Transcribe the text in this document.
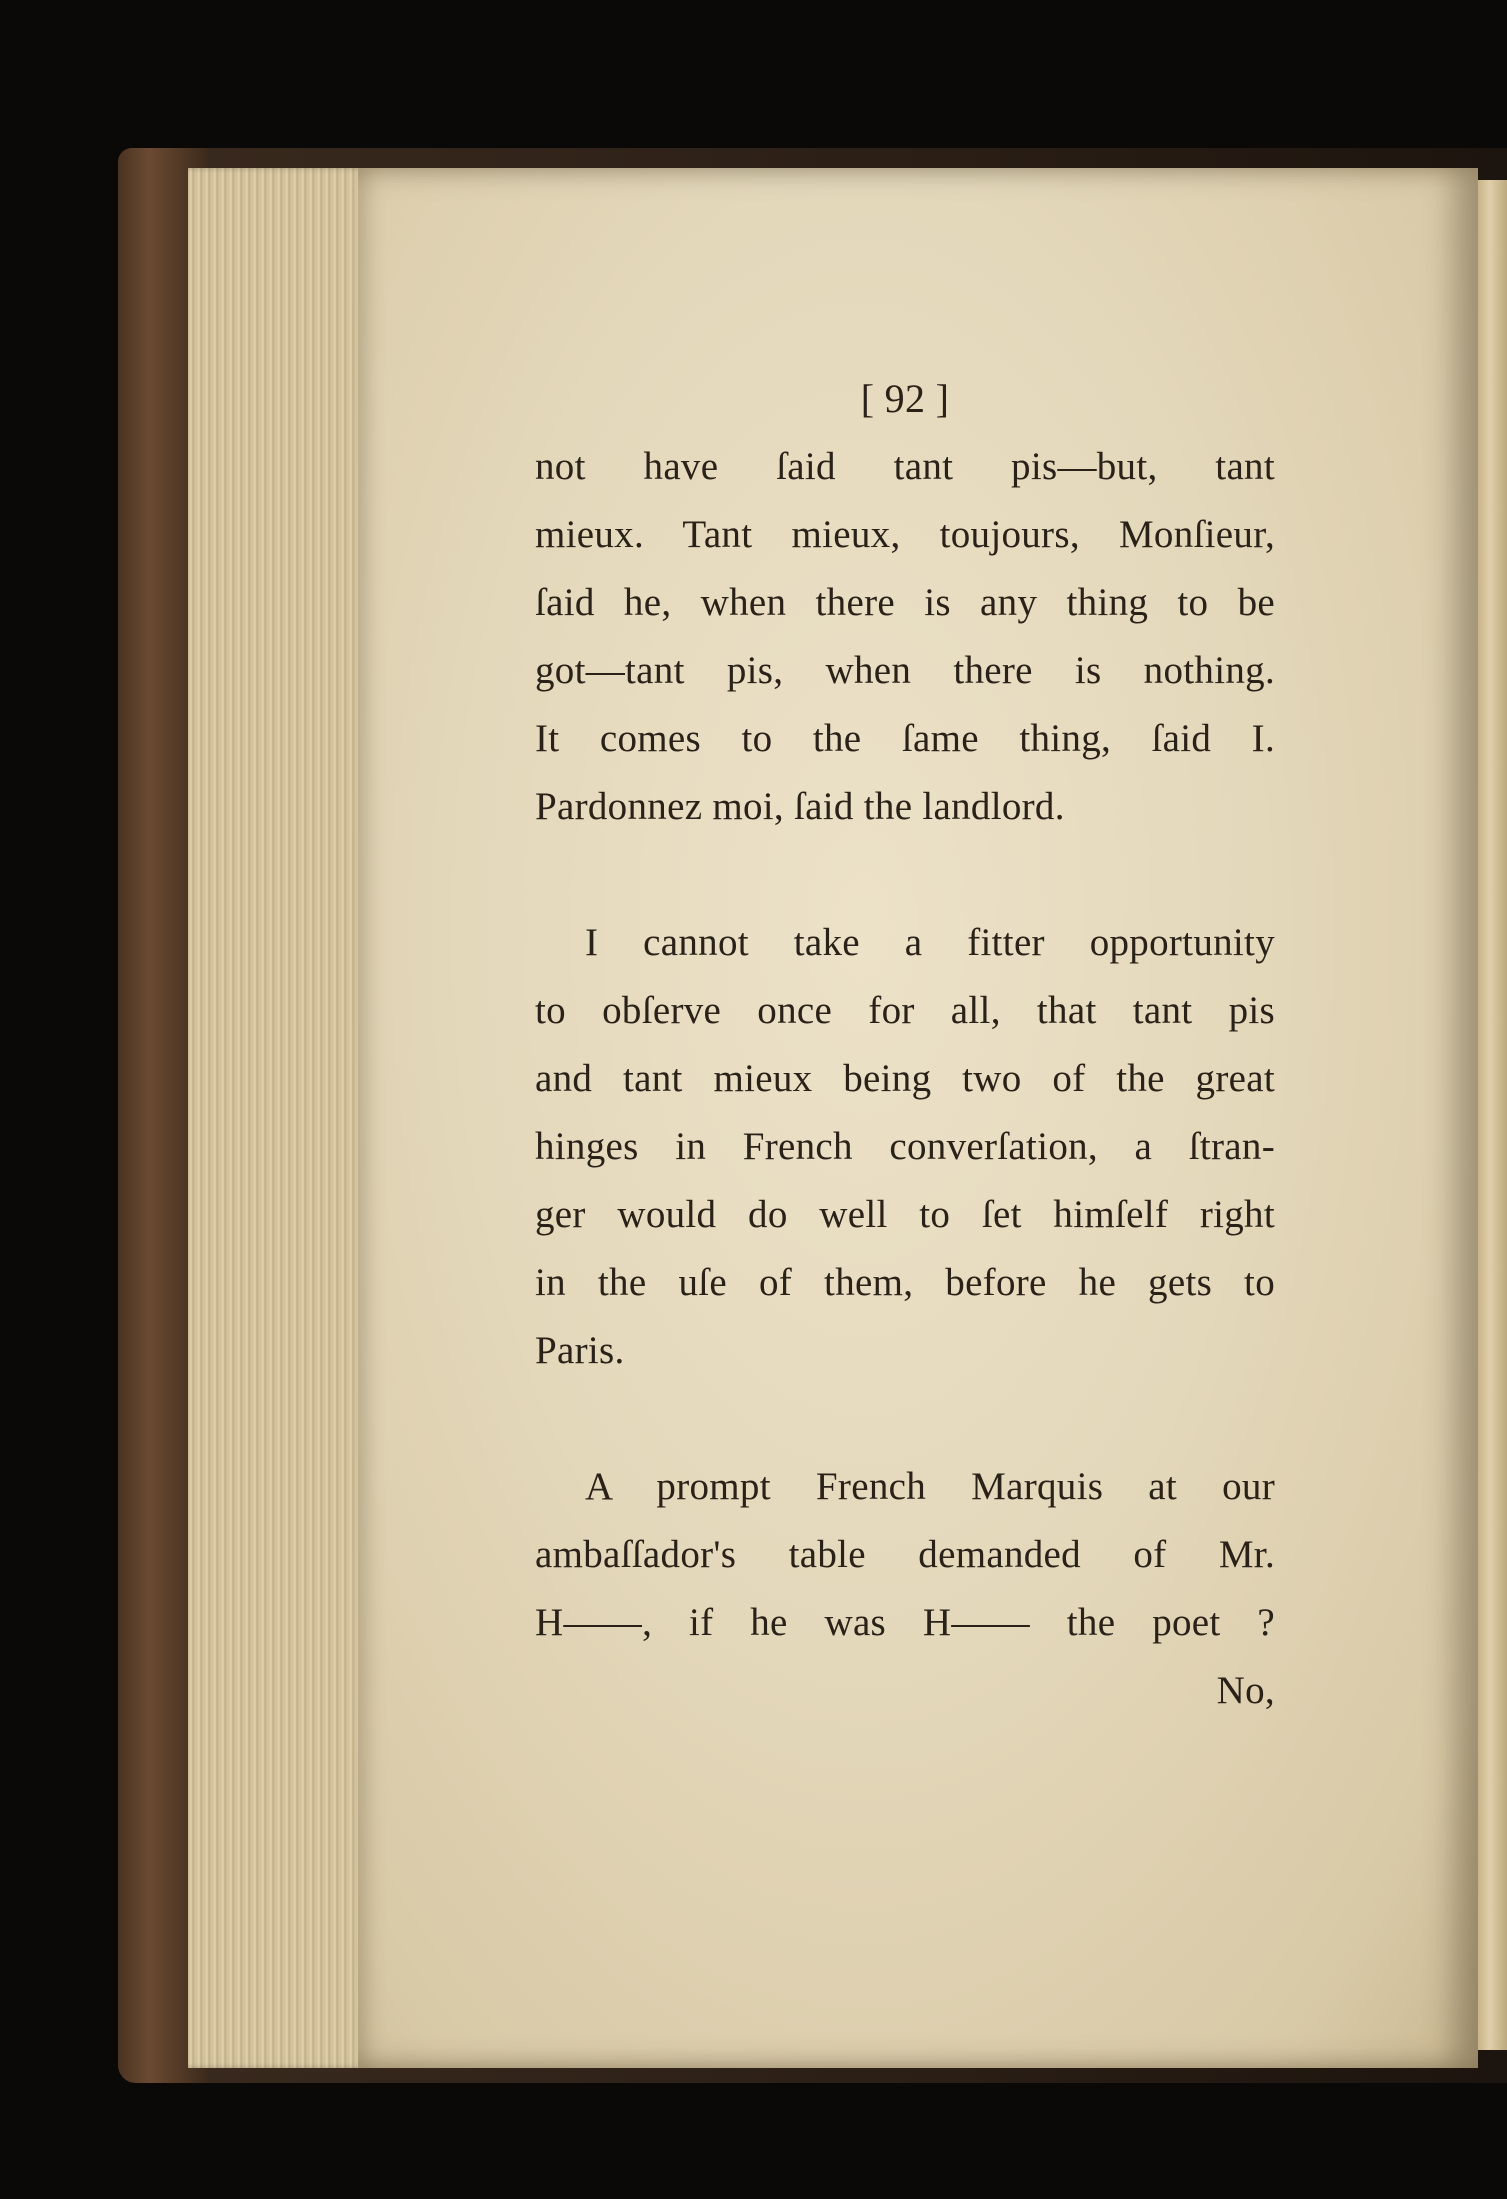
[ 92 ]

not have ſaid tant pis—but, tant
mieux. Tant mieux, toujours, Monſieur,
ſaid he, when there is any thing to be
got—tant pis, when there is nothing.
It comes to the ſame thing, ſaid I.
Pardonnez moi, ſaid the landlord.

I cannot take a fitter opportunity
to obſerve once for all, that tant pis
and tant mieux being two of the great
hinges in French converſation, a ſtran-
ger would do well to ſet himſelf right
in the uſe of them, before he gets to
Paris.

A prompt French Marquis at our
ambaſſador's table demanded of Mr.
H——, if he was H—— the poet ?
No,
